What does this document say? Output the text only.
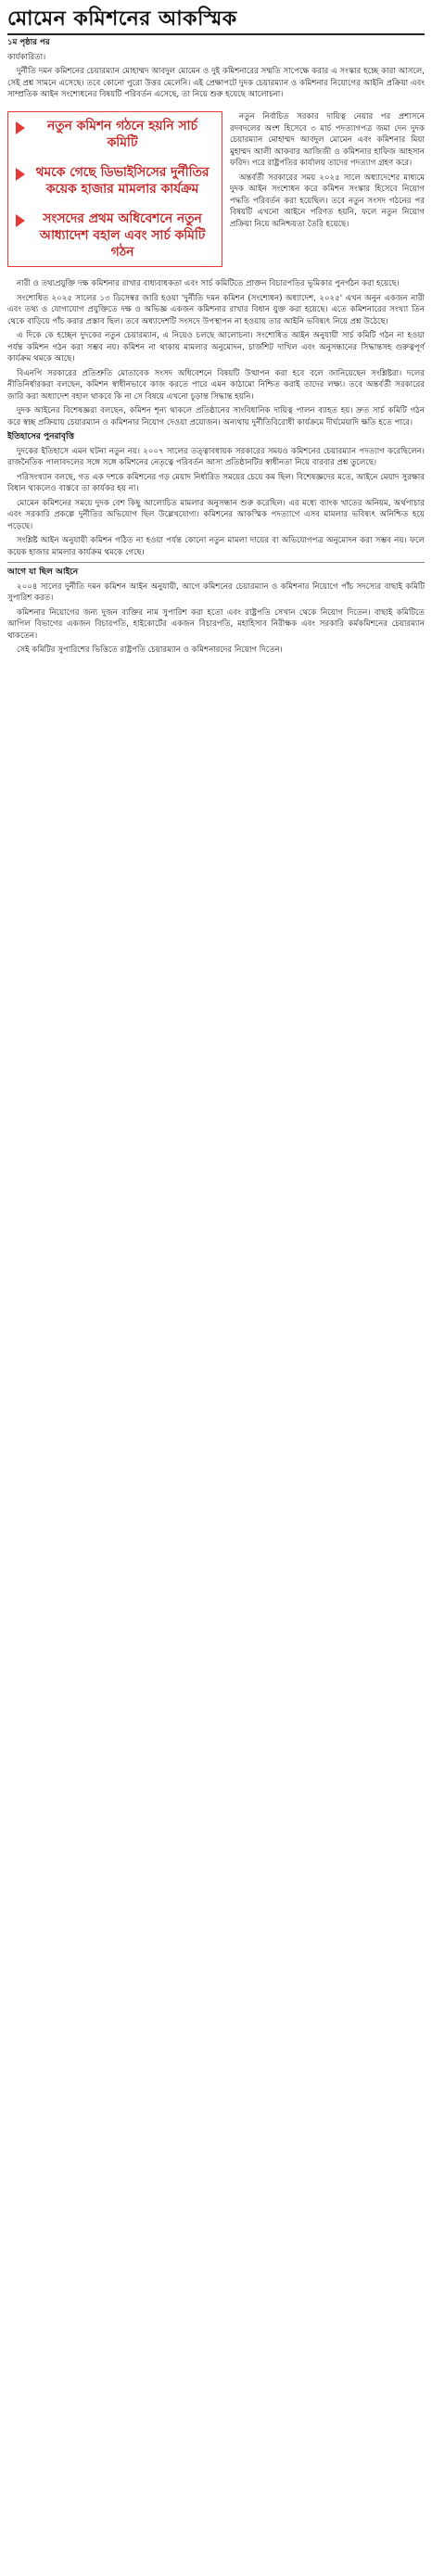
মোমেন কমিশনের আকস্মিক

১ম পৃষ্ঠার পর

কার্যকারিতা।

দুর্নীতি দমন কমিশনের চেয়ারম্যান মোহাম্মদ আবদুল মোমেন ও দুই কমিশনারের সম্মতি সাপেক্ষে করার এ সংস্কার হচ্ছে কারা আসলে, সেই প্রশ্ন সামনে এসেছে। তবে কোনো পুরো উত্তর মেলেনি। এই প্রেক্ষাপটে দুদক চেয়ারম্যান ও কমিশনার নিয়োগের আইনি প্রক্রিয়া এবং সাম্প্রতিক আইন সংশোধনের বিষয়টি পরিবর্তন এসেছে, তা নিয়ে শুরু হয়েছে আলোচনা।

নতুন কমিশন গঠনে হয়নি সার্চ কমিটি
থমকে গেছে ডিভাইসিসের দুর্নীতির কয়েক হাজার মামলার কার্যক্রম
সংসদের প্রথম অধিবেশনে নতুন আধ্যাদেশ বহাল এবং সার্চ কমিটি গঠন

নতুন নির্বাচিত সরকার দায়িত্ব নেয়ার পর প্রশাসনে রদবদলের অংশ হিসেবে ৩ মার্চ পদত্যাগপত্র জমা দেন দুদক চেয়ারম্যান মোহাম্মদ আবদুল মোমেন এবং কমিশনার মিয়া মুহাম্মদ আলী আকবার আজিজী ও কমিশনার হাফিজ আহসান ফরিদ। পরে রাষ্ট্রপতির কার্যালয় তাদের পদত্যাগ গ্রহণ করে।

অন্তর্বর্তী সরকারের সময় ২০২৫ সালে অধ্যাদেশের মাধ্যমে দুদক আইন সংশোধন করে কমিশন সংস্কার হিসেবে নিয়োগ পদ্ধতি পরিবর্তন করা হয়েছিল। তবে নতুন সংসদ গঠনের পর বিষয়টি এখনো আইনে পরিণত হয়নি, ফলে নতুন নিয়োগ প্রক্রিয়া নিয়ে অনিশ্চয়তা তৈরি হয়েছে।

নারী ও তথ্যপ্রযুক্তি দক্ষ কমিশনার রাখার বাধ্যবাধকতা এবং সার্চ কমিটিতে প্রাক্তন বিচারপতির ভূমিকার পুনর্গঠন করা হয়েছে।

সংশোধিত ২০২৫ সালের ১৩ ডিসেম্বর জারি হওয়া 'দুর্নীতি দমন কমিশন (সংশোধন) অধ্যাদেশ, ২০২৫' এখন অনুন একজন নারী এবং তথ্য ও যোগাযোগ প্রযুক্তিতে দক্ষ ও অভিজ্ঞ একজন কমিশনার রাখার বিধান যুক্ত করা হয়েছে। এতে কমিশনারের সংখ্যা তিন থেকে বাড়িয়ে পাঁচ করার প্রস্তাব ছিল। তবে অধ্যাদেশটি সংসদে উপস্থাপন না হওয়ায় তার আইনি ভবিষ্যৎ নিয়ে প্রশ্ন উঠেছে।

এ দিকে কে হচ্ছেন দুদকের নতুন চেয়ারম্যান, এ নিয়েও চলছে আলোচনা। সংশোধিত আইন অনুযায়ী সার্চ কমিটি গঠন না হওয়া পর্যন্ত কমিশন গঠন করা সম্ভব নয়। কমিশন না থাকায় মামলার অনুমোদন, চার্জশিট দাখিল এবং অনুসন্ধানের সিদ্ধান্তসহ গুরুত্বপূর্ণ কার্যক্রম থমকে আছে।

বিএনপি সরকারের প্রতিশ্রুতি মোতাবেক সংসদ অধিবেশনে বিষয়টি উত্থাপন করা হবে বলে জানিয়েছেন সংশ্লিষ্টরা। দলের নীতিনির্ধারকরা বলছেন, কমিশন স্বাধীনভাবে কাজ করতে পারে এমন কাঠামো নিশ্চিত করাই তাদের লক্ষ্য। তবে অন্তর্বর্তী সরকারের জারি করা অধ্যাদেশ বহাল থাকবে কি না সে বিষয়ে এখনো চূড়ান্ত সিদ্ধান্ত হয়নি।

দুদক আইনের বিশেষজ্ঞরা বলছেন, কমিশন শূন্য থাকলে প্রতিষ্ঠানের সাংবিধানিক দায়িত্ব পালন ব্যাহত হয়। দ্রুত সার্চ কমিটি গঠন করে স্বচ্ছ প্রক্রিয়ায় চেয়ারম্যান ও কমিশনার নিয়োগ দেওয়া প্রয়োজন। অন্যথায় দুর্নীতিবিরোধী কার্যক্রমে দীর্ঘমেয়াদি ক্ষতি হতে পারে।

ইতিহাসের পুনরাবৃত্তি

দুদকের ইতিহাসে এমন ঘটনা নতুন নয়। ২০০৭ সালের তত্ত্বাবধায়ক সরকারের সময়ও কমিশনের চেয়ারম্যান পদত্যাগ করেছিলেন। রাজনৈতিক পালাবদলের সঙ্গে সঙ্গে কমিশনের নেতৃত্বে পরিবর্তন আসা প্রতিষ্ঠানটির স্বাধীনতা নিয়ে বারবার প্রশ্ন তুলেছে।

পরিসংখ্যান বলছে, গত এক দশকে কমিশনের গড় মেয়াদ নির্ধারিত সময়ের চেয়ে কম ছিল। বিশেষজ্ঞদের মতে, আইনে মেয়াদ সুরক্ষার বিধান থাকলেও বাস্তবে তা কার্যকর হয় না।

মোমেন কমিশনের সময়ে দুদক বেশ কিছু আলোচিত মামলার অনুসন্ধান শুরু করেছিল। এর মধ্যে ব্যাংক খাতের অনিয়ম, অর্থপাচার এবং সরকারি প্রকল্পে দুর্নীতির অভিযোগ ছিল উল্লেখযোগ্য। কমিশনের আকস্মিক পদত্যাগে এসব মামলার ভবিষ্যৎ অনিশ্চিত হয়ে পড়েছে।

সংশ্লিষ্ট আইন অনুযায়ী কমিশন গঠিত না হওয়া পর্যন্ত কোনো নতুন মামলা দায়ের বা অভিযোগপত্র অনুমোদন করা সম্ভব নয়। ফলে কয়েক হাজার মামলার কার্যক্রম থমকে গেছে।

আগে যা ছিল আইনে

২০০৪ সালের দুর্নীতি দমন কমিশন আইন অনুযায়ী, আগে কমিশনের চেয়ারম্যান ও কমিশনার নিয়োগে পাঁচ সদস্যের বাছাই কমিটি সুপারিশ করত।

কমিশনার নিয়োগের জন্য দুজন ব্যক্তির নাম সুপারিশ করা হতো এবং রাষ্ট্রপতি সেখান থেকে নিয়োগ দিতেন। বাছাই কমিটিতে আপিল বিভাগের একজন বিচারপতি, হাইকোর্টের একজন বিচারপতি, মহাহিসাব নিরীক্ষক এবং সরকারি কর্মকমিশনের চেয়ারম্যান থাকতেন।

সেই কমিটির সুপারিশের ভিত্তিতে রাষ্ট্রপতি চেয়ারম্যান ও কমিশনারদের নিয়োগ দিতেন।
